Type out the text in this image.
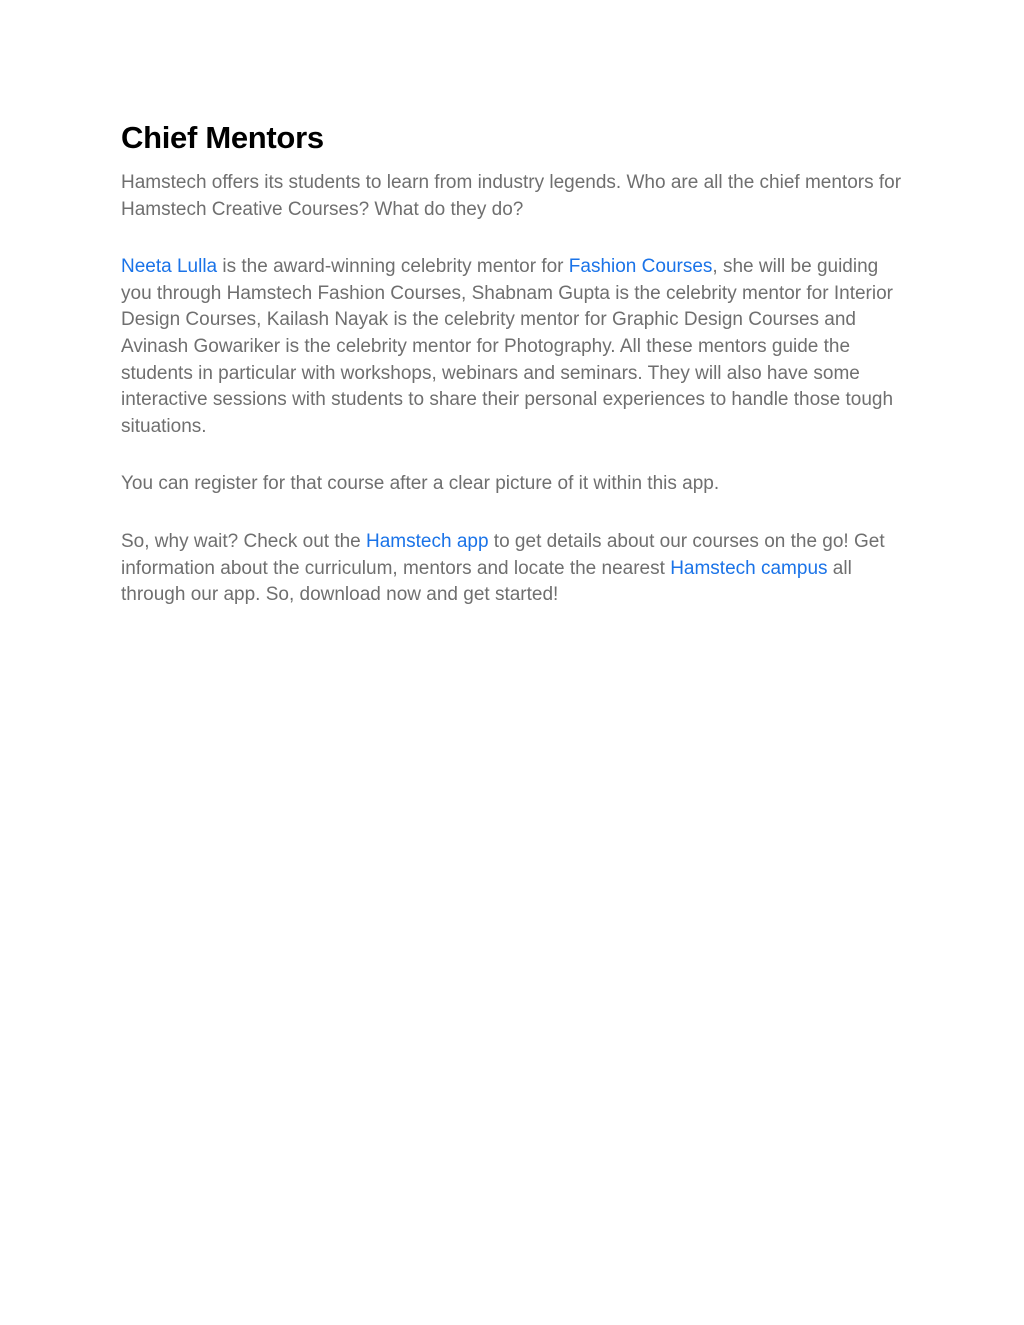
Chief Mentors

Hamstech offers its students to learn from industry legends. Who are all the chief mentors for Hamstech Creative Courses? What do they do?

Neeta Lulla is the award-winning celebrity mentor for Fashion Courses, she will be guiding you through Hamstech Fashion Courses, Shabnam Gupta is the celebrity mentor for Interior Design Courses, Kailash Nayak is the celebrity mentor for Graphic Design Courses and Avinash Gowariker is the celebrity mentor for Photography. All these mentors guide the students in particular with workshops, webinars and seminars. They will also have some interactive sessions with students to share their personal experiences to handle those tough situations.

You can register for that course after a clear picture of it within this app.

So, why wait? Check out the Hamstech app to get details about our courses on the go! Get information about the curriculum, mentors and locate the nearest Hamstech campus all through our app. So, download now and get started!
